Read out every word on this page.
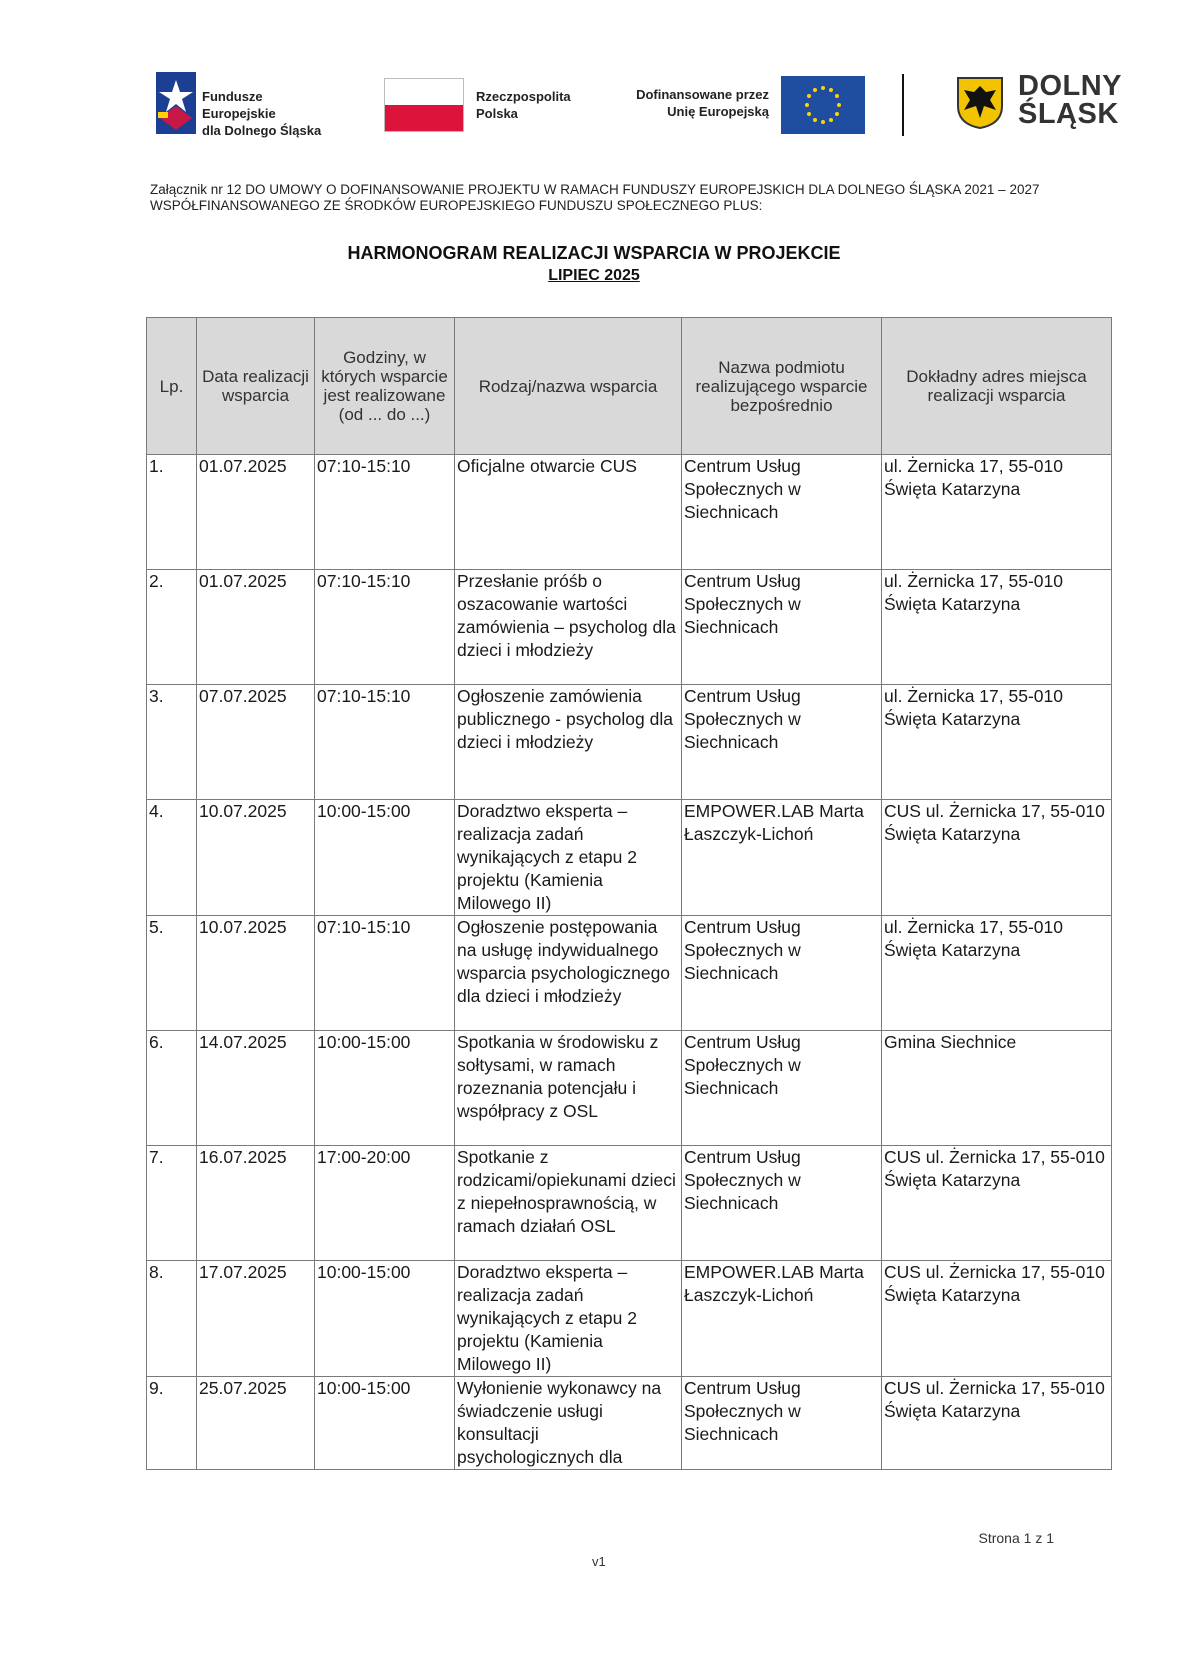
Fundusze Europejskie
dla Dolnego Śląska
Rzeczpospolita
Polska
Dofinansowane przez
Unię Europejską
DOLNY
ŚLĄSK
Załącznik nr 12 DO UMOWY O DOFINANSOWANIE PROJEKTU W RAMACH FUNDUSZY EUROPEJSKICH DLA DOLNEGO ŚLĄSKA 2021 – 2027 WSPÓŁFINANSOWANEGO ZE ŚRODKÓW EUROPEJSKIEGO FUNDUSZU SPOŁECZNEGO PLUS:
HARMONOGRAM REALIZACJI WSPARCIA W PROJEKCIE
LIPIEC 2025
Lp.	Data realizacji wsparcia	Godziny, w których wsparcie jest realizowane (od ... do ...)	Rodzaj/nazwa wsparcia	Nazwa podmiotu realizującego wsparcie bezpośrednio	Dokładny adres miejsca realizacji wsparcia
1.	01.07.2025	07:10-15:10	Oficjalne otwarcie CUS	Centrum Usług Społecznych w Siechnicach	ul. Żernicka 17, 55-010 Święta Katarzyna
2.	01.07.2025	07:10-15:10	Przesłanie próśb o oszacowanie wartości zamówienia – psycholog dla dzieci i młodzieży	Centrum Usług Społecznych w Siechnicach	ul. Żernicka 17, 55-010 Święta Katarzyna
3.	07.07.2025	07:10-15:10	Ogłoszenie zamówienia publicznego - psycholog dla dzieci i młodzieży	Centrum Usług Społecznych w Siechnicach	ul. Żernicka 17, 55-010 Święta Katarzyna
4.	10.07.2025	10:00-15:00	Doradztwo eksperta – realizacja zadań wynikających z etapu 2 projektu (Kamienia Milowego II)	EMPOWER.LAB Marta Łaszczyk-Lichoń	CUS ul. Żernicka 17, 55-010 Święta Katarzyna
5.	10.07.2025	07:10-15:10	Ogłoszenie postępowania na usługę indywidualnego wsparcia psychologicznego dla dzieci i młodzieży	Centrum Usług Społecznych w Siechnicach	ul. Żernicka 17, 55-010 Święta Katarzyna
6.	14.07.2025	10:00-15:00	Spotkania w środowisku z sołtysami, w ramach rozeznania potencjału i współpracy z OSL	Centrum Usług Społecznych w Siechnicach	Gmina Siechnice
7.	16.07.2025	17:00-20:00	Spotkanie z rodzicami/opiekunami dzieci z niepełnosprawnością, w ramach działań OSL	Centrum Usług Społecznych w Siechnicach	CUS ul. Żernicka 17, 55-010 Święta Katarzyna
8.	17.07.2025	10:00-15:00	Doradztwo eksperta – realizacja zadań wynikających z etapu 2 projektu (Kamienia Milowego II)	EMPOWER.LAB Marta Łaszczyk-Lichoń	CUS ul. Żernicka 17, 55-010 Święta Katarzyna
9.	25.07.2025	10:00-15:00	Wyłonienie wykonawcy na świadczenie usługi konsultacji psychologicznych dla	Centrum Usług Społecznych w Siechnicach	CUS ul. Żernicka 17, 55-010 Święta Katarzyna
Strona 1 z 1
v1
